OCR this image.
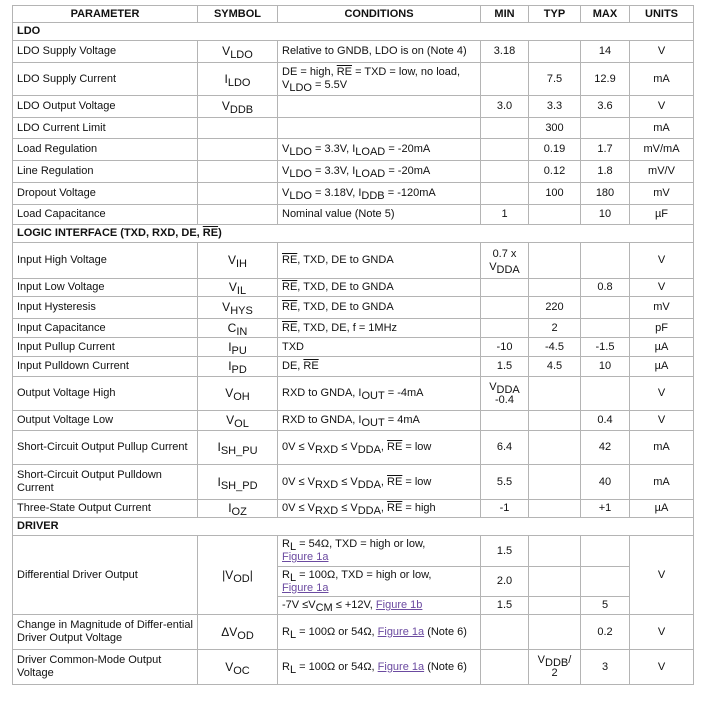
PARAMETER	SYMBOL	CONDITIONS	MIN	TYP	MAX	UNITS
LDO						
LDO Supply Voltage	$V_{LDO}$	Relative to GNDB, LDO is on (Note 4)	3.18		14	V
LDO Supply Current	$I_{LDO}$	DE = high, $\overline{RE}$ = TXD = low, no load,
$V_{LDO} = 5.5V$		7.5	12.9	mA
LDO Output Voltage	$V_{DDB}$		3.0	3.3	3.6	V
LDO Current Limit				300		mA
Load Regulation		$V_{LDO} = 3.3V$, $I_{LOAD} = -20mA$		0.19	1.7	mV/mA
Line Regulation		$V_{LDO} = 3.3V$, $I_{LOAD} = -20mA$		0.12	1.8	mV/V
Dropout Voltage		$V_{LDO} = 3.18V$, $I_{DDB} = -120mA$		100	180	mV
Load Capacitance		Nominal value (Note 5)	1		10	µF
LOGIC INTERFACE (TXD, RXD, DE, $\overline{RE}$)						
Input High Voltage	$V_{IH}$	$\overline{RE}$, TXD, DE to GNDA	0.7 x
$V_{DDA}$			V
Input Low Voltage	$V_{IL}$	$\overline{RE}$, TXD, DE to GNDA			0.8	V
Input Hysteresis	$V_{HYS}$	$\overline{RE}$, TXD, DE to GNDA		220		mV
Input Capacitance	$C_{IN}$	$\overline{RE}$, TXD, DE, f = 1MHz		2		pF
Input Pullup Current	$I_{PU}$	TXD	-10	-4.5	-1.5	µA
Input Pulldown Current	$I_{PD}$	DE, $\overline{RE}$	1.5	4.5	10	µA
Output Voltage High	$V_{OH}$	RXD to GNDA, $I_{OUT} = -4mA$	$V_{DDA}$
-0.4			V
Output Voltage Low	$V_{OL}$	RXD to GNDA, $I_{OUT} = 4mA$			0.4	V
Short-Circuit Output Pullup Current	$I_{SH\_PU}$	$0V \le V_{RXD} \le V_{DDA}$, $\overline{RE}$ = low	6.4		42	mA
Short-Circuit Output Pulldown Current	$I_{SH\_PD}$	$0V \le V_{RXD} \le V_{DDA}$, $\overline{RE}$ = low	5.5		40	mA
Three-State Output Current	$I_{OZ}$	$0V \le V_{RXD} \le V_{DDA}$, $\overline{RE}$ = high	-1		+1	µA
DRIVER						
Differential Driver Output	$|V_{OD}|$	$R_L = 54\Omega$, TXD = high or low,
Figure 1a	1.5			V
		$R_L = 100\Omega$, TXD = high or low,
Figure 1a	2.0			
		$-7V \le V_{CM} \le +12V$, Figure 1b	1.5		5	
Change in Magnitude of Differ-ential Driver Output Voltage	$\Delta V_{OD}$	$R_L = 100\Omega$ or 54Ω, Figure 1a (Note 6)			0.2	V
Driver Common-Mode Output Voltage	$V_{OC}$	$R_L = 100\Omega$ or 54Ω, Figure 1a (Note 6)		$V_{DDB}/$
2	3	V
